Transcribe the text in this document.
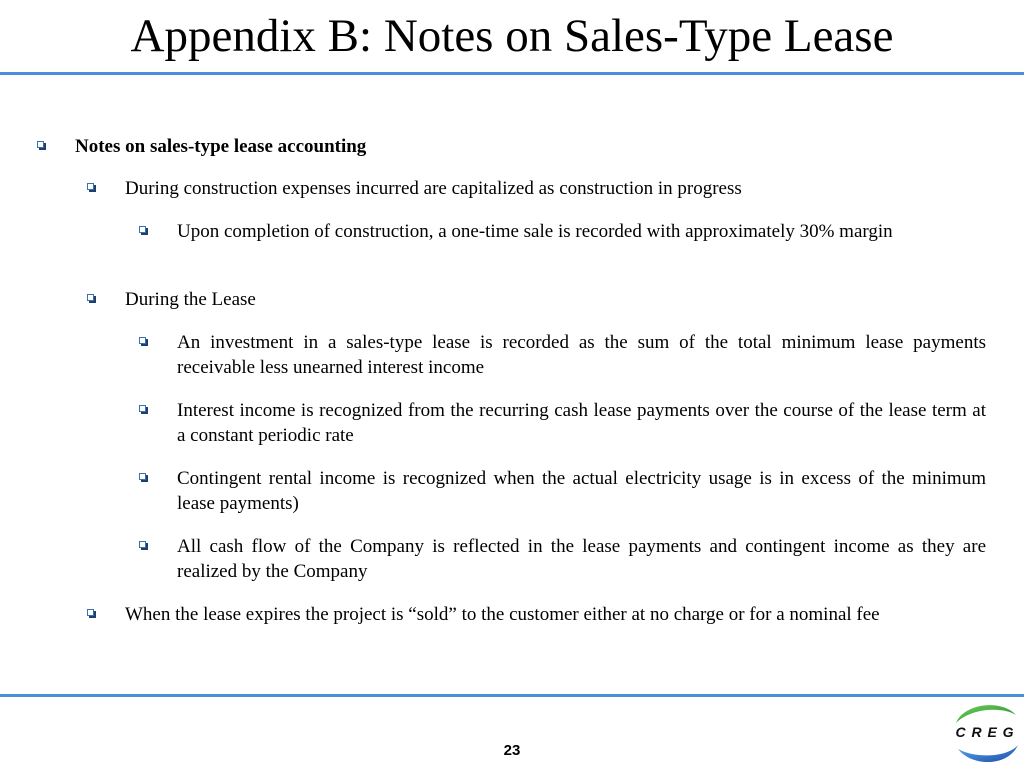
Appendix B: Notes on Sales-Type Lease
Notes on sales-type lease accounting
During construction expenses incurred are capitalized as construction in progress
Upon completion of construction, a one-time sale is recorded with approximately 30% margin
During the Lease
An investment in a sales-type lease is recorded as the sum of the total minimum lease payments receivable less unearned interest income
Interest income is recognized from the recurring cash lease payments over the course of the lease term at a constant periodic rate
Contingent rental income is recognized when the actual electricity usage is in excess of the minimum lease payments)
All cash flow of the Company is reflected in the lease payments and contingent income as they are realized by the Company
When the lease expires the project is “sold” to the customer either at no charge or for a nominal fee
23
C R E G
